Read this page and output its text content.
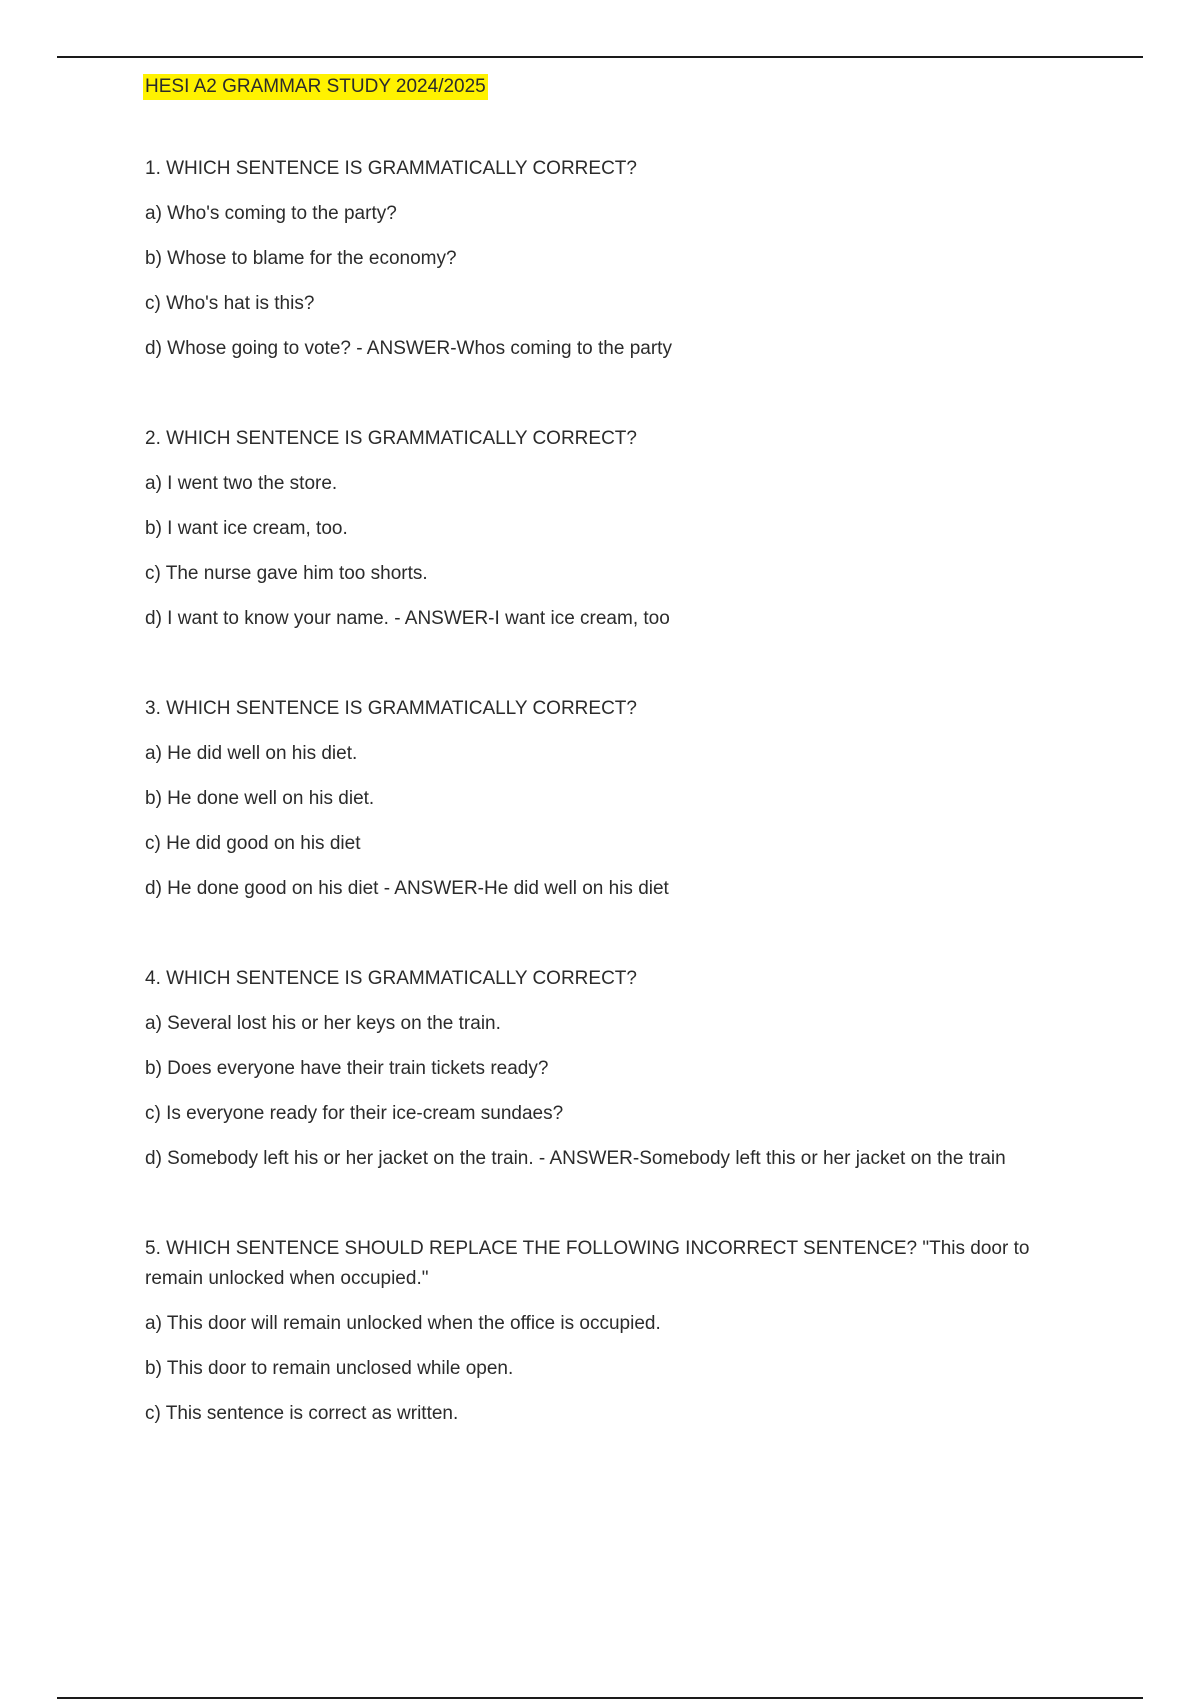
HESI A2 GRAMMAR STUDY 2024/2025
1. WHICH SENTENCE IS GRAMMATICALLY CORRECT?
a) Who's coming to the party?
b) Whose to blame for the economy?
c) Who's hat is this?
d) Whose going to vote? - ANSWER-Whos coming to the party
2. WHICH SENTENCE IS GRAMMATICALLY CORRECT?
a) I went two the store.
b) I want ice cream, too.
c) The nurse gave him too shorts.
d) I want to know your name. - ANSWER-I want ice cream, too
3. WHICH SENTENCE IS GRAMMATICALLY CORRECT?
a) He did well on his diet.
b) He done well on his diet.
c) He did good on his diet
d) He done good on his diet - ANSWER-He did well on his diet
4. WHICH SENTENCE IS GRAMMATICALLY CORRECT?
a) Several lost his or her keys on the train.
b) Does everyone have their train tickets ready?
c) Is everyone ready for their ice-cream sundaes?
d) Somebody left his or her jacket on the train. - ANSWER-Somebody left this or her jacket on the train
5. WHICH SENTENCE SHOULD REPLACE THE FOLLOWING INCORRECT SENTENCE? "This door to remain unlocked when occupied."
a) This door will remain unlocked when the office is occupied.
b) This door to remain unclosed while open.
c) This sentence is correct as written.
